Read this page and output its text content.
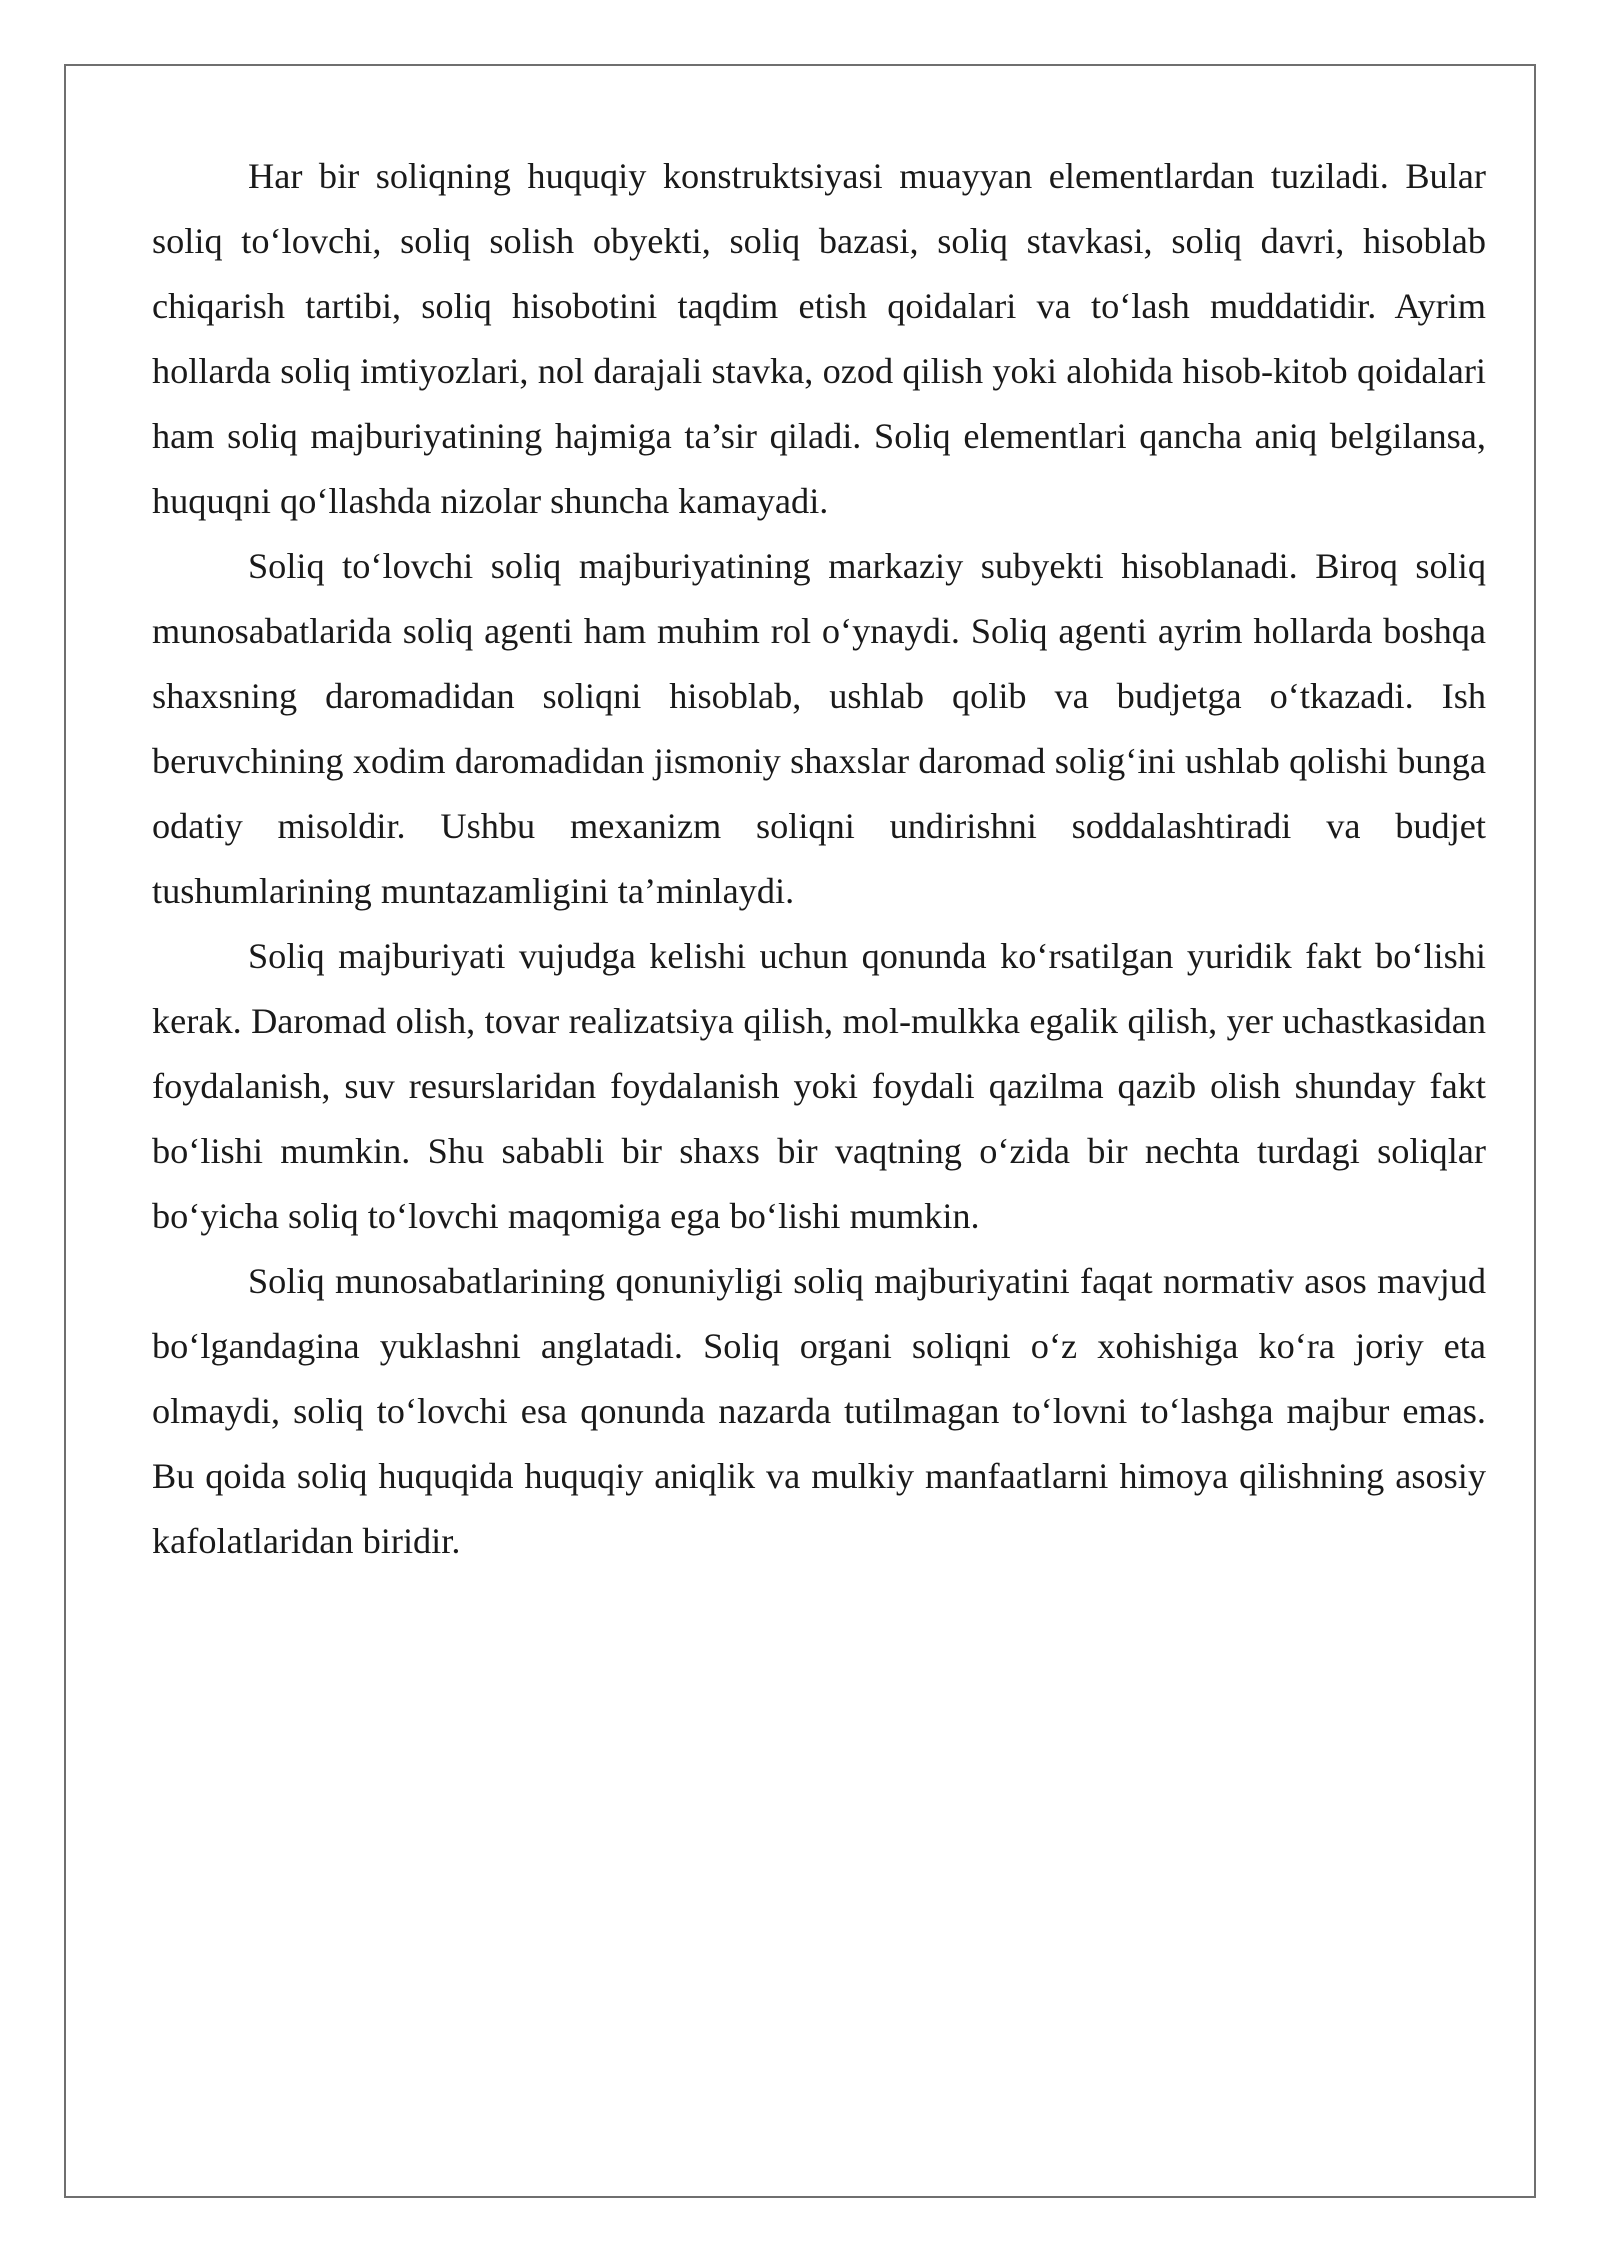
Har bir soliqning huquqiy konstruktsiyasi muayyan elementlardan tuziladi. Bular soliq to‘lovchi, soliq solish obyekti, soliq bazasi, soliq stavkasi, soliq davri, hisoblab chiqarish tartibi, soliq hisobotini taqdim etish qoidalari va to‘lash muddatidir. Ayrim hollarda soliq imtiyozlari, nol darajali stavka, ozod qilish yoki alohida hisob-kitob qoidalari ham soliq majburiyatining hajmiga ta’sir qiladi. Soliq elementlari qancha aniq belgilansa, huquqni qo‘llashda nizolar shuncha kamayadi.

Soliq to‘lovchi soliq majburiyatining markaziy subyekti hisoblanadi. Biroq soliq munosabatlarida soliq agenti ham muhim rol o‘ynaydi. Soliq agenti ayrim hollarda boshqa shaxsning daromadidan soliqni hisoblab, ushlab qolib va budjetga o‘tkazadi. Ish beruvchining xodim daromadidan jismoniy shaxslar daromad solig‘ini ushlab qolishi bunga odatiy misoldir. Ushbu mexanizm soliqni undirishni soddalashtiradi va budjet tushumlarining muntazamligini ta’minlaydi.

Soliq majburiyati vujudga kelishi uchun qonunda ko‘rsatilgan yuridik fakt bo‘lishi kerak. Daromad olish, tovar realizatsiya qilish, mol-mulkka egalik qilish, yer uchastkasidan foydalanish, suv resurslaridan foydalanish yoki foydali qazilma qazib olish shunday fakt bo‘lishi mumkin. Shu sababli bir shaxs bir vaqtning o‘zida bir nechta turdagi soliqlar bo‘yicha soliq to‘lovchi maqomiga ega bo‘lishi mumkin.

Soliq munosabatlarining qonuniyligi soliq majburiyatini faqat normativ asos mavjud bo‘lgandagina yuklashni anglatadi. Soliq organi soliqni o‘z xohishiga ko‘ra joriy eta olmaydi, soliq to‘lovchi esa qonunda nazarda tutilmagan to‘lovni to‘lashga majbur emas. Bu qoida soliq huquqida huquqiy aniqlik va mulkiy manfaatlarni himoya qilishning asosiy kafolatlaridan biridir.
